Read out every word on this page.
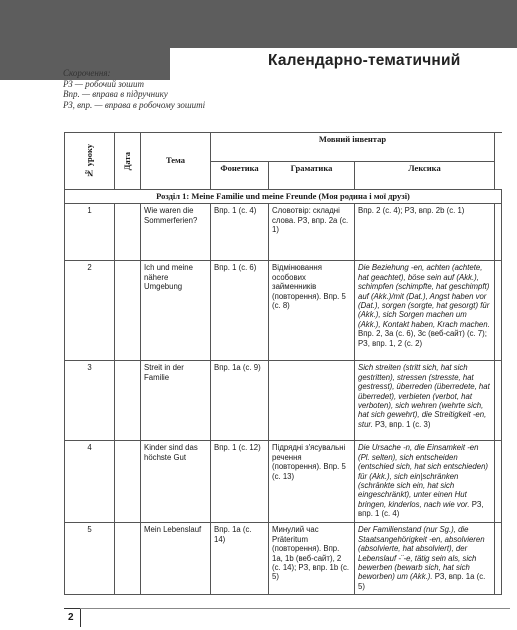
Календарно-тематичний
Скорочення:
РЗ — робочий зошит
Впр. — вправа в підручнику
РЗ, впр. — вправа в робочому зошиті
№ уроку	Дата	Тема	Мовний інвентар			
			Фонетика	Граматика	Лексика	
Розділ 1: Meine Familie und meine Freunde (Моя родина і мої друзі)						
1		Wie waren die Sommerferien?	Впр. 1 (с. 4)	Словотвір: складні слова. РЗ, впр. 2а (с. 1)	Впр. 2 (с. 4); РЗ, впр. 2b (с. 1)	
2		Ich und meine nähere Umgebung	Впр. 1 (с. 6)	Відмінювання особових займенників (повторення). Впр. 5 (с. 8)	Die Beziehung -en, achten (achtete, hat geachtet), böse sein auf (Akk.), schimpfen (schimpfte, hat geschimpft) auf (Akk.)/mit (Dat.), Angst haben vor (Dat.), sorgen (sorgte, hat gesorgt) für (Akk.), sich Sorgen machen um (Akk.), Kontakt haben, Krach machen. Впр. 2, 3а (с. 6), 3с (веб-сайт) (с. 7); РЗ, впр. 1, 2 (с. 2)	
3		Streit in der Familie	Впр. 1а (с. 9)		Sich streiten (stritt sich, hat sich gestritten), stressen (stresste, hat gestresst), überreden (überredete, hat überredet), verbieten (verbot, hat verboten), sich wehren (wehrte sich, hat sich gewehrt), die Streitigkeit -en, stur. РЗ, впр. 1 (с. 3)	
4		Kinder sind das höchste Gut	Впр. 1 (с. 12)	Підрядні з'ясувальні речення (повторення). Впр. 5 (с. 13)	Die Ursache -n, die Einsamkeit -en (Pl. selten), sich entscheiden (entschied sich, hat sich entschieden) für (Akk.), sich ein|schränken (schränkte sich ein, hat sich eingeschränkt), unter einen Hut bringen, kinderlos, nach wie vor. РЗ, впр. 1 (с. 4)	
5		Mein Lebenslauf	Впр. 1а (с. 14)	Минулий час Präteritum (повторення). Впр. 1а, 1b (веб-сайт), 2 (с. 14); РЗ, впр. 1b (с. 5)	Der Familienstand (nur Sg.), die Staatsangehörigkeit -en, absolvieren (absolvierte, hat absolviert), der Lebenslauf -¨-e, tätig sein als, sich bewerben (bewarb sich, hat sich beworben) um (Akk.). РЗ, впр. 1а (с. 5)	
2
